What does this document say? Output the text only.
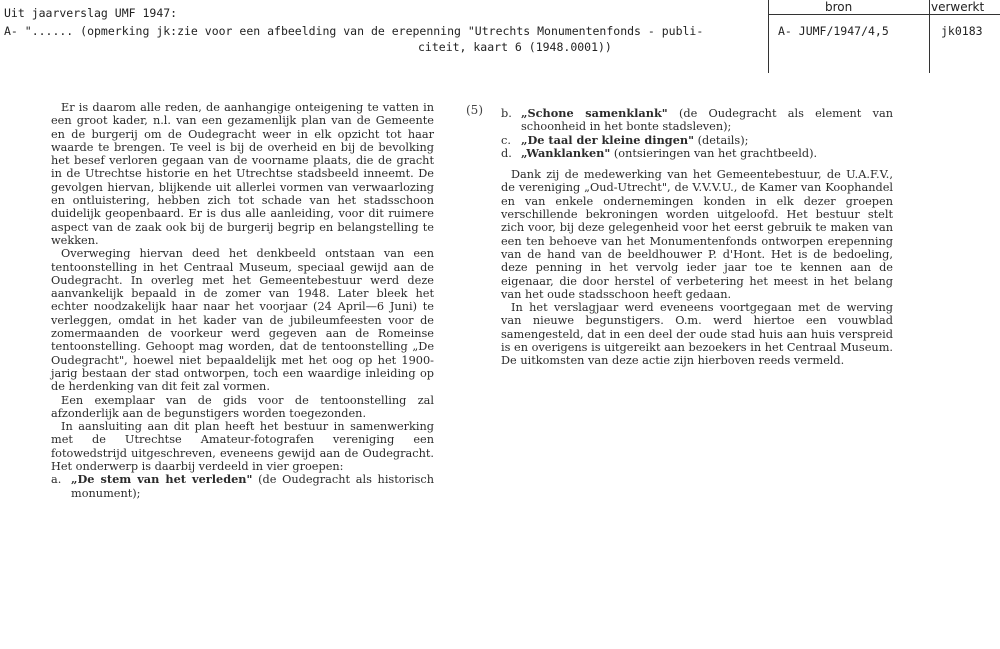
Uit jaarverslag UMF 1947:
A- "...... (opmerking jk:zie voor een afbeelding van de erepenning "Utrechts Monumentenfonds - publi-
citeit, kaart 6 (1948.0001))
bron	verwerkt
A- JUMF/1947/4,5	jk0183
(5)

Er is daarom alle reden, de aanhangige onteigening te vatten in een groot kader, n.l. van een gezamenlijk plan van de Gemeente en de burgerij om de Oudegracht weer in elk opzicht tot haar waarde te brengen. Te veel is bij de overheid en bij de bevolking het besef verloren gegaan van de voorname plaats, die de gracht in de Utrechtse historie en het Utrechtse stadsbeeld inneemt. De gevolgen hiervan, blijkende uit allerlei vormen van verwaarlozing en ontluistering, hebben zich tot schade van het stadsschoon duidelijk geopenbaard. Er is dus alle aanleiding, voor dit ruimere aspect van de zaak ook bij de burgerij begrip en belangstelling te wekken.

Overweging hiervan deed het denkbeeld ontstaan van een tentoonstelling in het Centraal Museum, speciaal gewijd aan de Oudegracht. In overleg met het Gemeentebestuur werd deze aanvankelijk bepaald in de zomer van 1948. Later bleek het echter noodzakelijk haar naar het voorjaar (24 April—6 Juni) te verleggen, omdat in het kader van de jubileumfeesten voor de zomermaanden de voorkeur werd gegeven aan de Romeinse tentoonstelling. Gehoopt mag worden, dat de tentoonstelling „De Oudegracht", hoewel niet bepaaldelijk met het oog op het 1900-jarig bestaan der stad ontworpen, toch een waardige inleiding op de herdenking van dit feit zal vormen.

Een exemplaar van de gids voor de tentoonstelling zal afzonderlijk aan de begunstigers worden toegezonden.

In aansluiting aan dit plan heeft het bestuur in samenwerking met de Utrechtse Amateur-fotografen vereniging een fotowedstrijd uitgeschreven, eveneens gewijd aan de Oudegracht. Het onderwerp is daarbij verdeeld in vier groepen:

a. „De stem van het verleden" (de Oudegracht als historisch monument);
b. „Schone samenklank" (de Oudegracht als element van schoonheid in het bonte stadsleven);
c. „De taal der kleine dingen" (details);
d. „Wanklanken" (ontsieringen van het grachtbeeld).

Dank zij de medewerking van het Gemeentebestuur, de U.A.F.V., de vereniging „Oud-Utrecht", de V.V.V.U., de Kamer van Koophandel en van enkele ondernemingen konden in elk dezer groepen verschillende bekroningen worden uitgeloofd. Het bestuur stelt zich voor, bij deze gelegenheid voor het eerst gebruik te maken van een ten behoeve van het Monumentenfonds ontworpen erepenning van de hand van de beeldhouwer P. d'Hont. Het is de bedoeling, deze penning in het vervolg ieder jaar toe te kennen aan de eigenaar, die door herstel of verbetering het meest in het belang van het oude stadsschoon heeft gedaan.

In het verslagjaar werd eveneens voortgegaan met de werving van nieuwe begunstigers. O.m. werd hiertoe een vouwblad samengesteld, dat in een deel der oude stad huis aan huis verspreid is en overigens is uitgereikt aan bezoekers in het Centraal Museum. De uitkomsten van deze actie zijn hierboven reeds vermeld.
